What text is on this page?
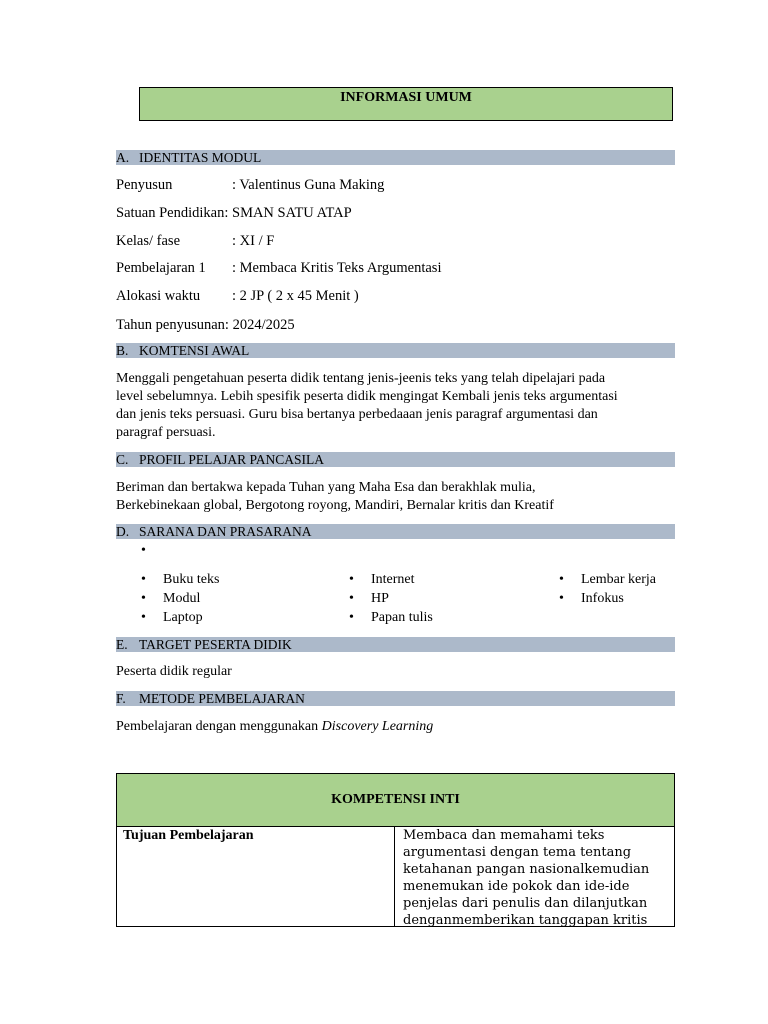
INFORMASI UMUM
A. IDENTITAS MODUL
Penyusun	: Valentinus Guna Making
Satuan Pendidikan: SMAN SATU ATAP
Kelas/ fase	: XI / F
Pembelajaran 1 : Membaca Kritis Teks Argumentasi
Alokasi waktu : 2 JP ( 2 x 45 Menit )
Tahun penyusunan: 2024/2025
B. KOMTENSI AWAL
Menggali pengetahuan peserta didik tentang jenis-jeenis teks yang telah dipelajari pada
level sebelumnya. Lebih spesifik peserta didik mengingat Kembali jenis teks argumentasi
dan jenis teks persuasi. Guru bisa bertanya perbedaaan jenis paragraf argumentasi dan
paragraf persuasi.
C. PROFIL PELAJAR PANCASILA
Beriman dan bertakwa kepada Tuhan yang Maha Esa dan berakhlak mulia,
Berkebinekaan global, Bergotong royong, Mandiri, Bernalar kritis dan Kreatif
D. SARANA DAN PRASARANA
•
• Buku teks
• Modul
• Laptop
• Internet
• HP
• Papan tulis
• Lembar kerja
• Infokus
E. TARGET PESERTA DIDIK
Peserta didik regular
F. METODE PEMBELAJARAN
Pembelajaran dengan menggunakan Discovery Learning
KOMPETENSI INTI
Tujuan Pembelajaran	Membaca dan memahami teks
argumentasi dengan tema tentang
ketahanan pangan nasionalkemudian
menemukan ide pokok dan ide-ide
penjelas dari penulis dan dilanjutkan
denganmemberikan tanggapan kritis
